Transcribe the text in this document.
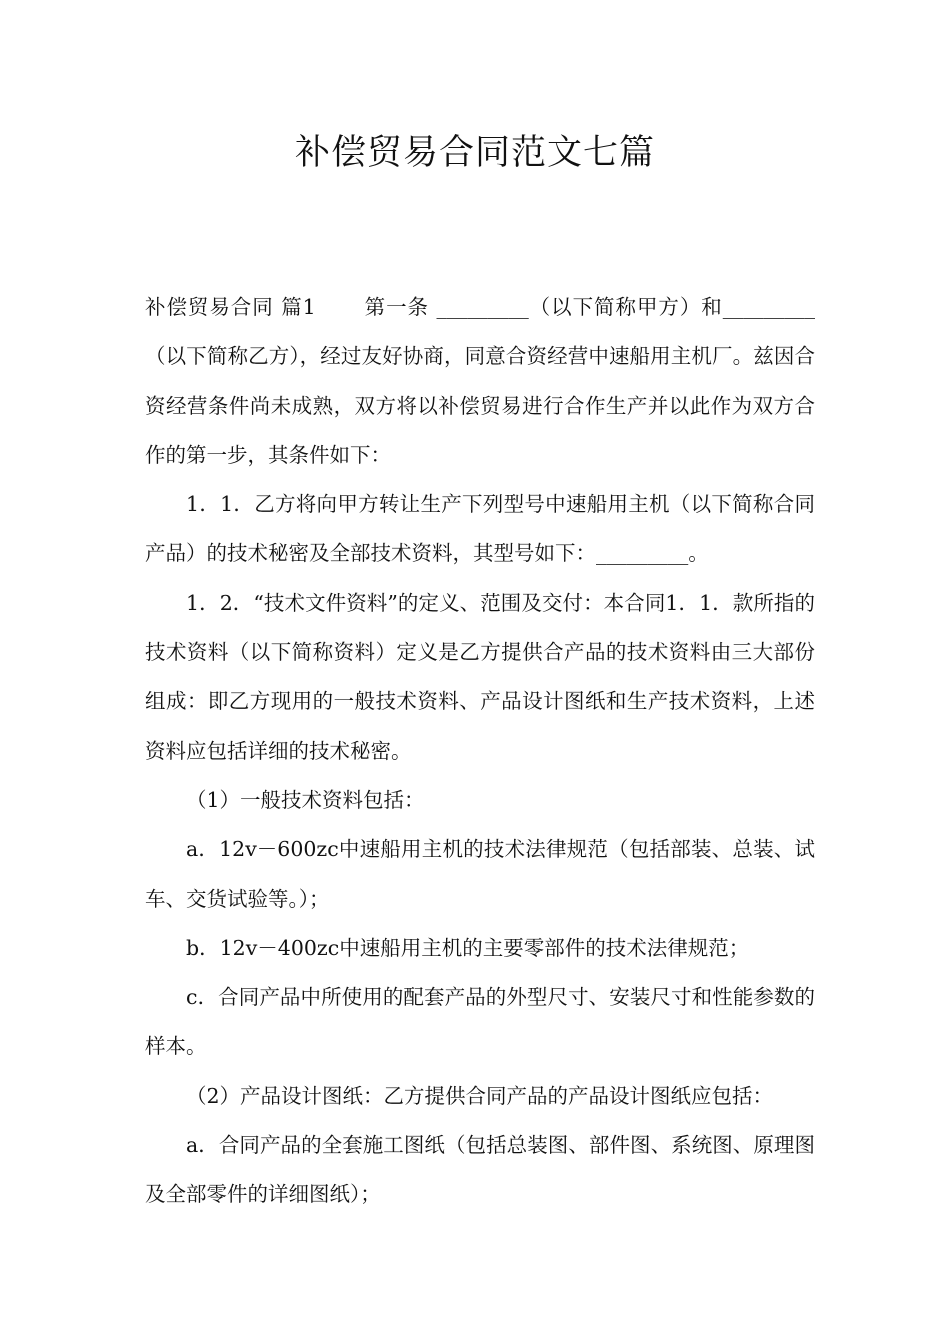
补偿贸易合同范文七篇

补偿贸易合同 篇1 第一条 _________（以下简称甲方）和_________（以下简称乙方），经过友好协商，同意合资经营中速船用主机厂。兹因合资经营条件尚未成熟，双方将以补偿贸易进行合作生产并以此作为双方合作的第一步，其条件如下：

1．1．乙方将向甲方转让生产下列型号中速船用主机（以下简称合同产品）的技术秘密及全部技术资料，其型号如下：_________。

1．2．“技术文件资料”的定义、范围及交付：本合同1．1．款所指的技术资料（以下简称资料）定义是乙方提供合产品的技术资料由三大部份组成：即乙方现用的一般技术资料、产品设计图纸和生产技术资料，上述资料应包括详细的技术秘密。

（1）一般技术资料包括：

a．12v－600zc中速船用主机的技术法律规范（包括部装、总装、试车、交货试验等。）；

b．12v－400zc中速船用主机的主要零部件的技术法律规范；

c．合同产品中所使用的配套产品的外型尺寸、安装尺寸和性能参数的样本。

（2）产品设计图纸：乙方提供合同产品的产品设计图纸应包括：

a．合同产品的全套施工图纸（包括总装图、部件图、系统图、原理图及全部零件的详细图纸）；
